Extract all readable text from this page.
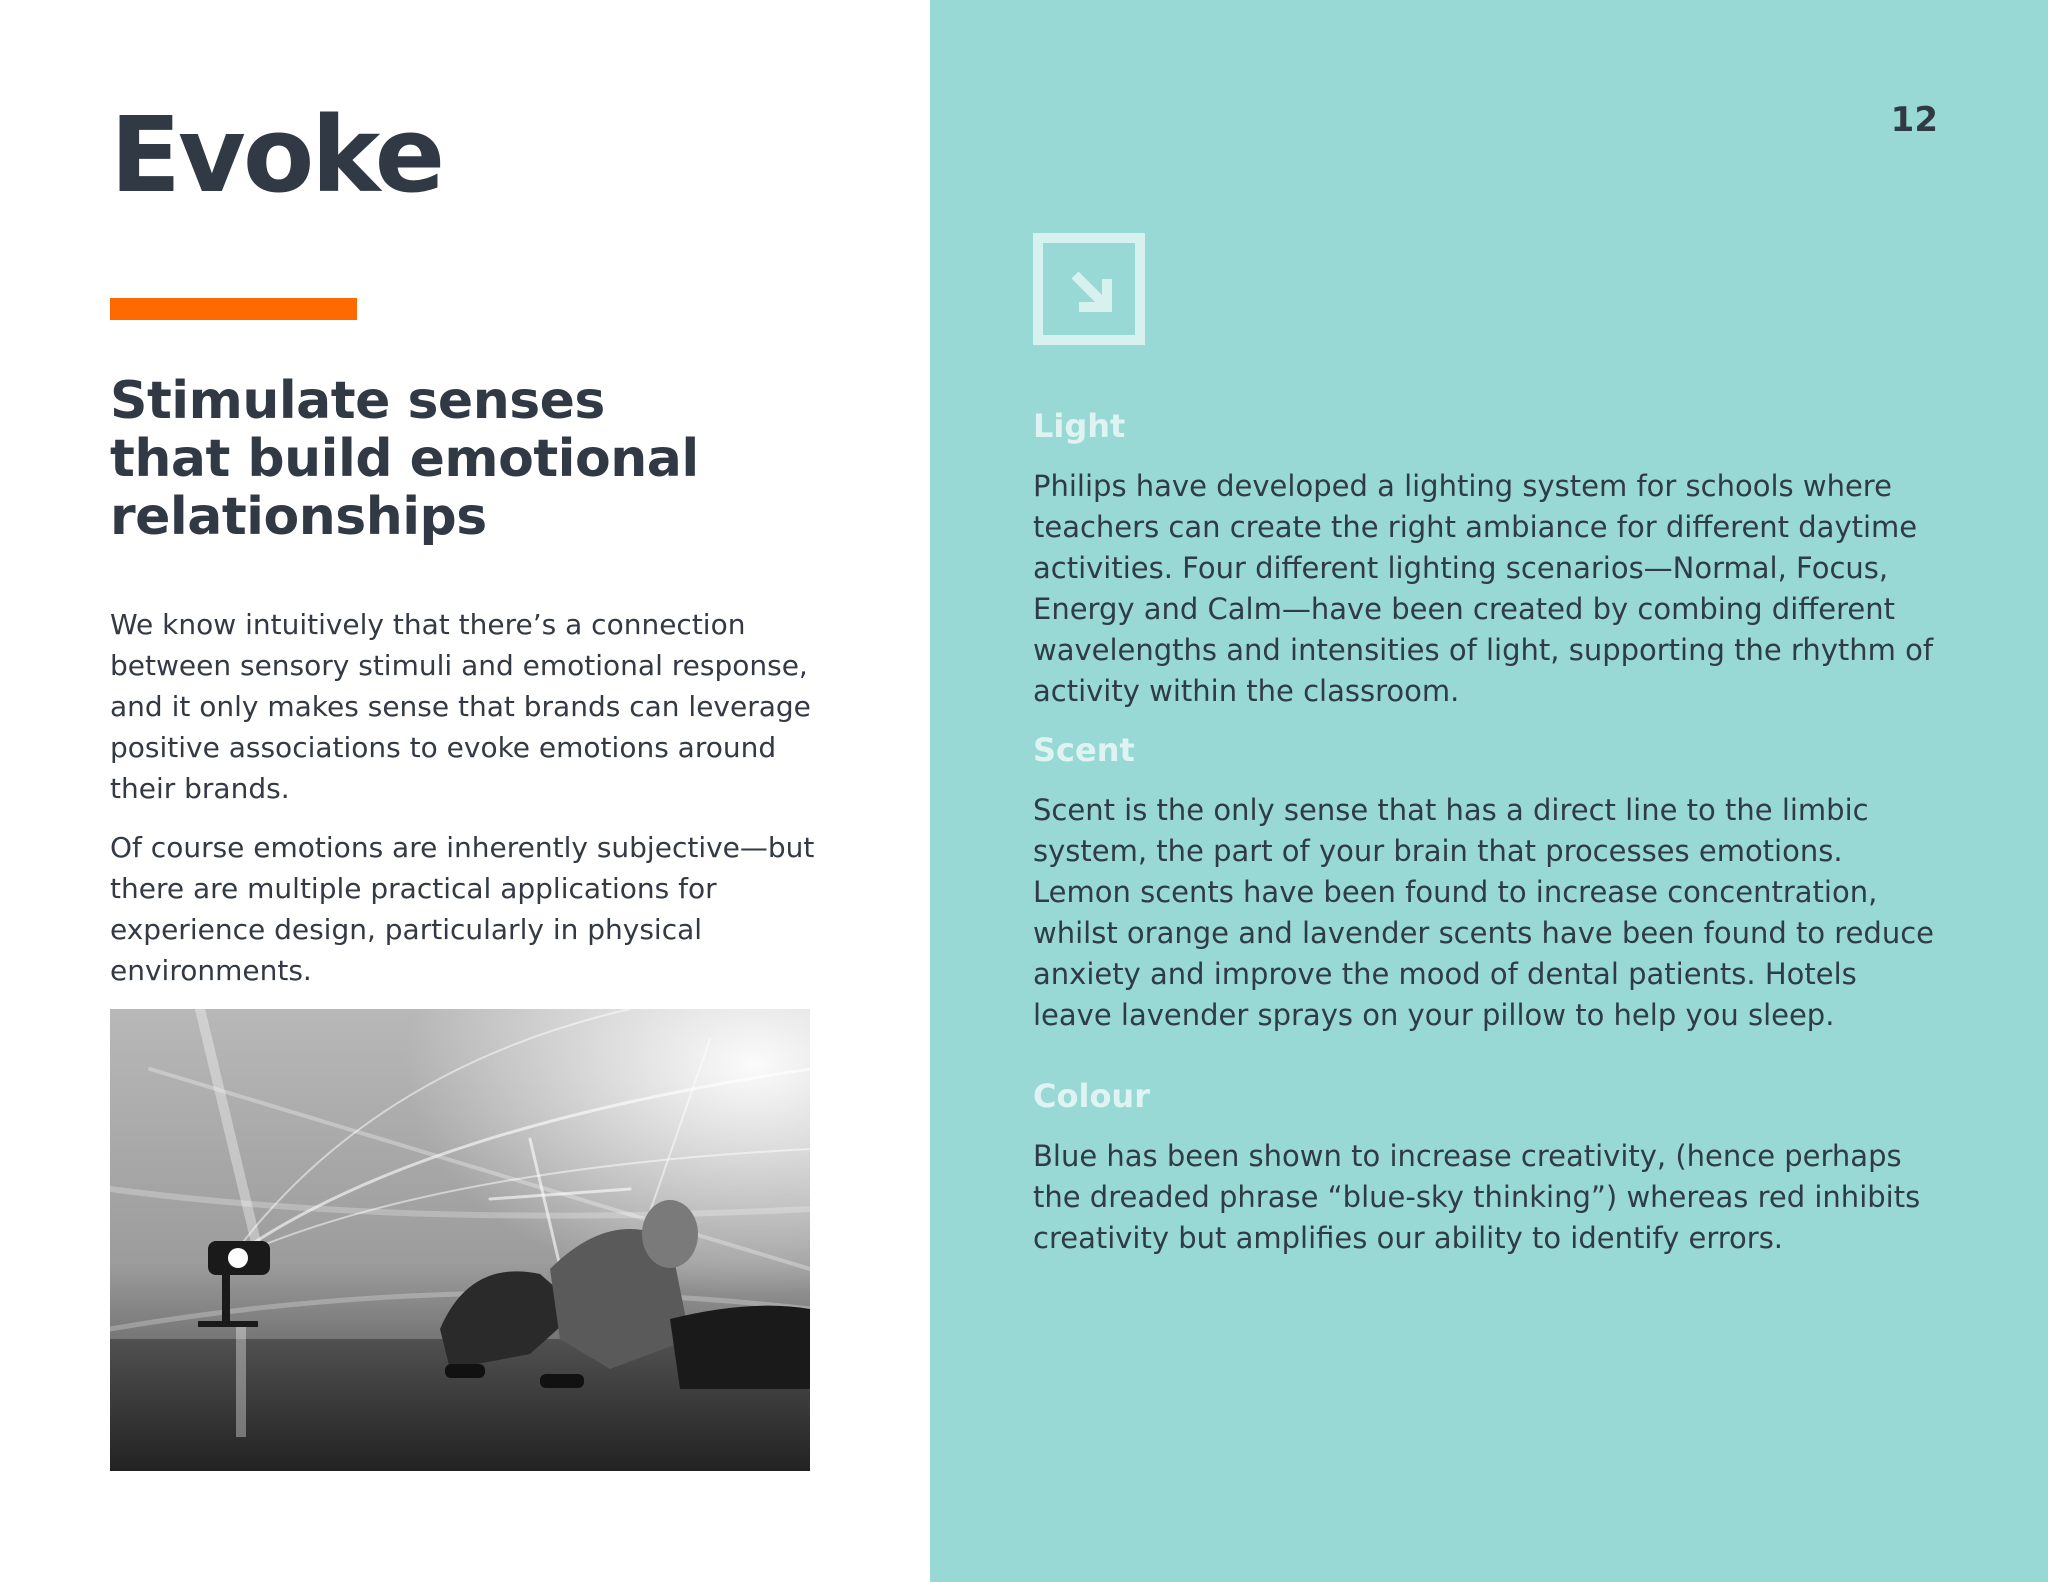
Evoke
Stimulate senses
that build emotional
relationships

We know intuitively that there’s a connection between sensory stimuli and emotional response, and it only makes sense that brands can leverage positive associations to evoke emotions around their brands.

Of course emotions are inherently subjective—but there are multiple practical applications for experience design, particularly in physical environments.

12
Light

Philips have developed a lighting system for schools where teachers can create the right ambiance for different daytime activities. Four different lighting scenarios—Normal, Focus, Energy and Calm—have been created by combing different wavelengths and intensities of light, supporting the rhythm of activity within the classroom.

Scent

Scent is the only sense that has a direct line to the limbic system, the part of your brain that processes emotions. Lemon scents have been found to increase concentration, whilst orange and lavender scents have been found to reduce anxiety and improve the mood of dental patients. Hotels leave lavender sprays on your pillow to help you sleep.

Colour

Blue has been shown to increase creativity, (hence perhaps the dreaded phrase “blue-sky thinking”) whereas red inhibits creativity but amplifies our ability to identify errors.
